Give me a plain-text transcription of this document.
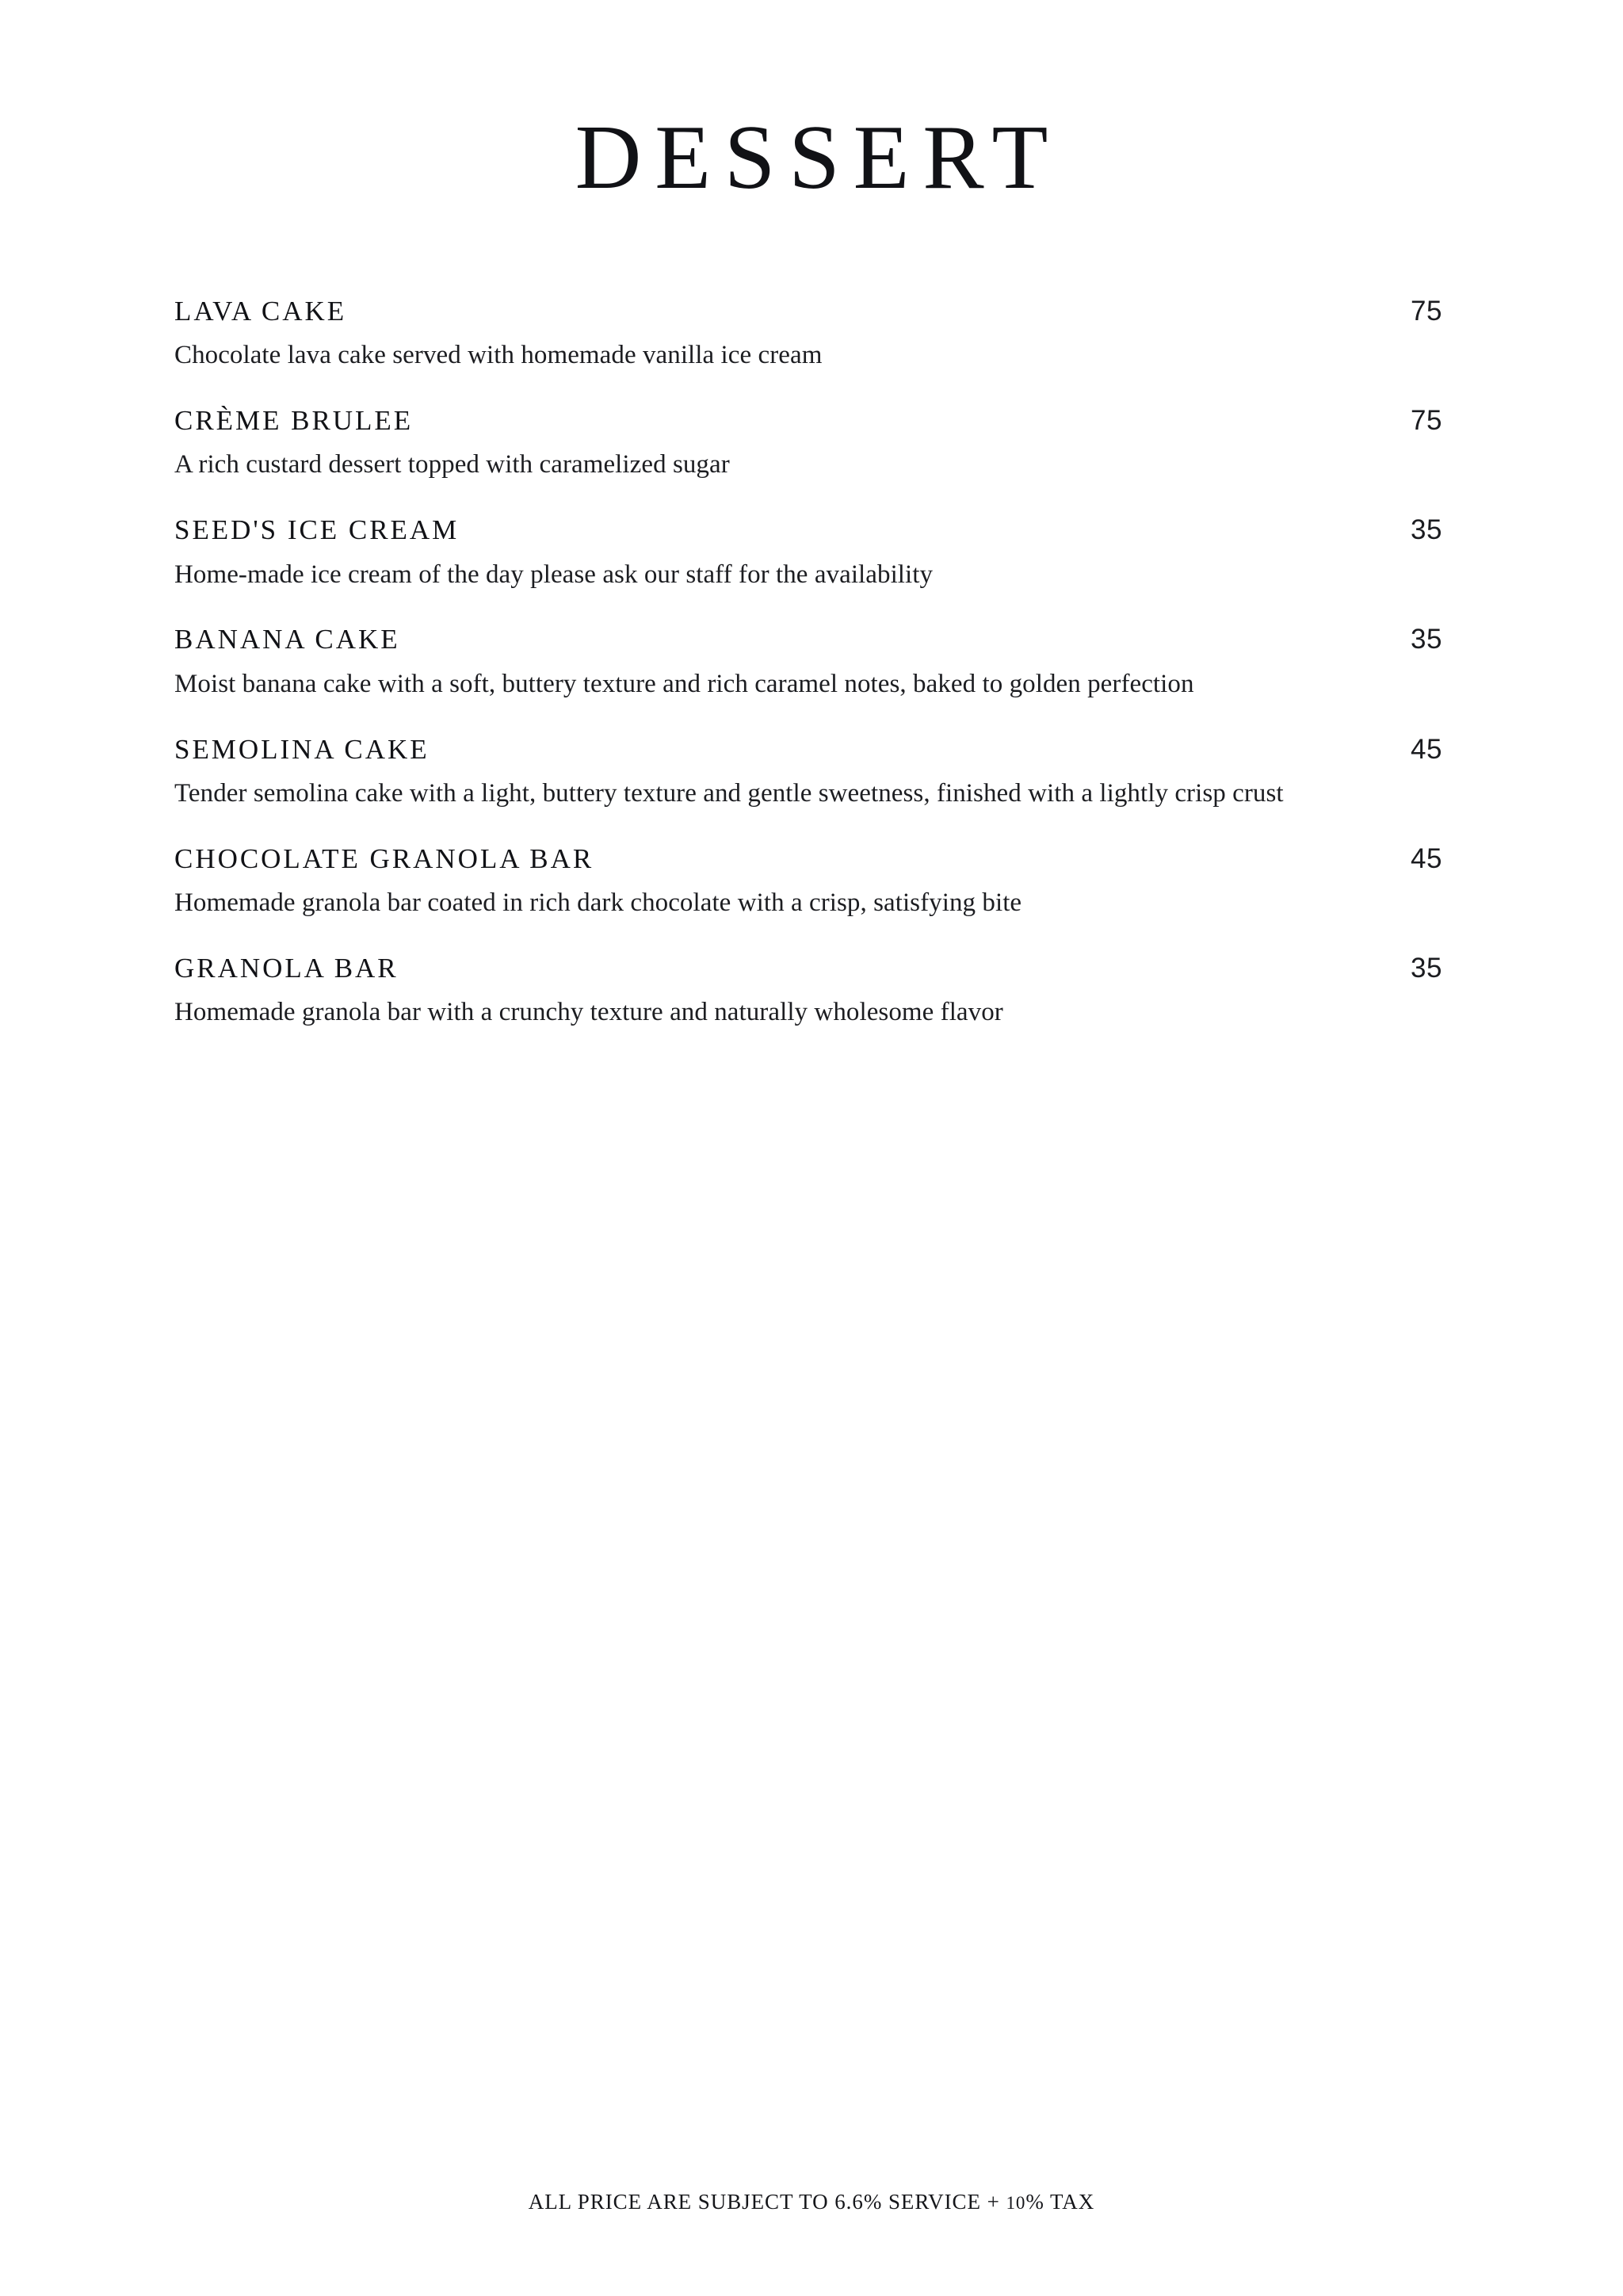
DESSERT
LAVA CAKE	75

Chocolate lava cake served with homemade vanilla ice cream

CRÈME BRULEE	75

A rich custard dessert topped with caramelized sugar

SEED'S ICE CREAM	35

Home-made ice cream of the day please ask our staff for the availability

BANANA CAKE	35

Moist banana cake with a soft, buttery texture and rich caramel notes, baked to golden perfection

SEMOLINA CAKE	45

Tender semolina cake with a light, buttery texture and gentle sweetness, finished with a lightly crisp crust

CHOCOLATE GRANOLA BAR	45

Homemade granola bar coated in rich dark chocolate with a crisp, satisfying bite

GRANOLA BAR	35

Homemade granola bar with a crunchy texture and naturally wholesome flavor

ALL PRICE ARE SUBJECT TO 6.6% SERVICE + 10% TAX
